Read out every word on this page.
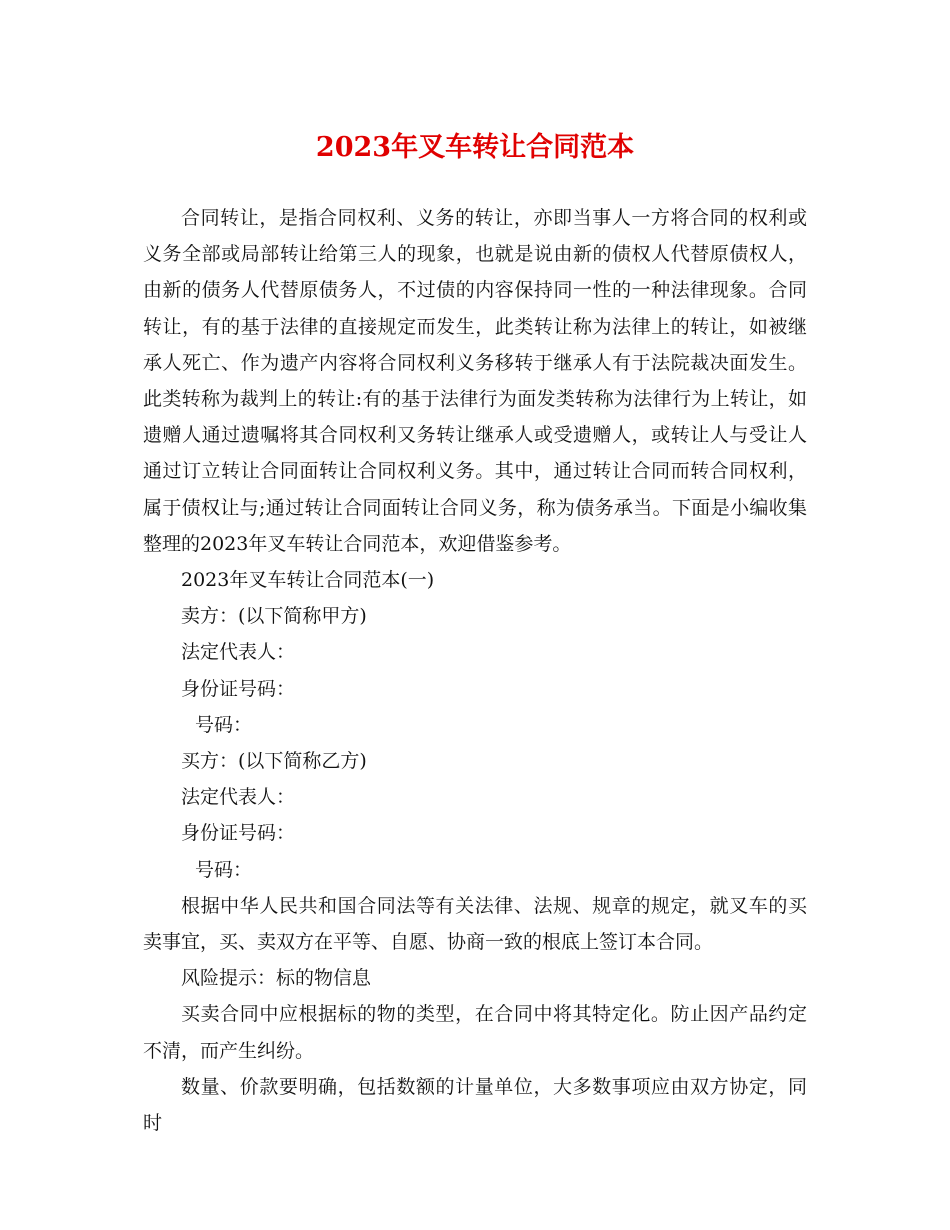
2023年叉车转让合同范本

合同转让，是指合同权利、义务的转让，亦即当事人一方将合同的权利或义务全部或局部转让给第三人的现象，也就是说由新的债权人代替原债权人，由新的债务人代替原债务人，不过债的内容保持同一性的一种法律现象。合同转让，有的基于法律的直接规定而发生，此类转让称为法律上的转让，如被继承人死亡、作为遗产内容将合同权利义务移转于继承人有于法院裁决面发生。此类转称为裁判上的转让:有的基于法律行为面发类转称为法律行为上转让，如遗赠人通过遗嘱将其合同权利又务转让继承人或受遗赠人，或转让人与受让人通过订立转让合同面转让合同权利义务。其中，通过转让合同而转合同权利，属于债权让与;通过转让合同面转让合同义务，称为债务承当。下面是小编收集整理的2023年叉车转让合同范本，欢迎借鉴参考。

2023年叉车转让合同范本(一)

卖方：(以下简称甲方)

法定代表人：

身份证号码：

号码：

买方：(以下简称乙方)

法定代表人：

身份证号码：

号码：

根据中华人民共和国合同法等有关法律、法规、规章的规定，就叉车的买卖事宜，买、卖双方在平等、自愿、协商一致的根底上签订本合同。

风险提示：标的物信息

买卖合同中应根据标的物的类型，在合同中将其特定化。防止因产品约定不清，而产生纠纷。

数量、价款要明确，包括数额的计量单位，大多数事项应由双方协定，同时
